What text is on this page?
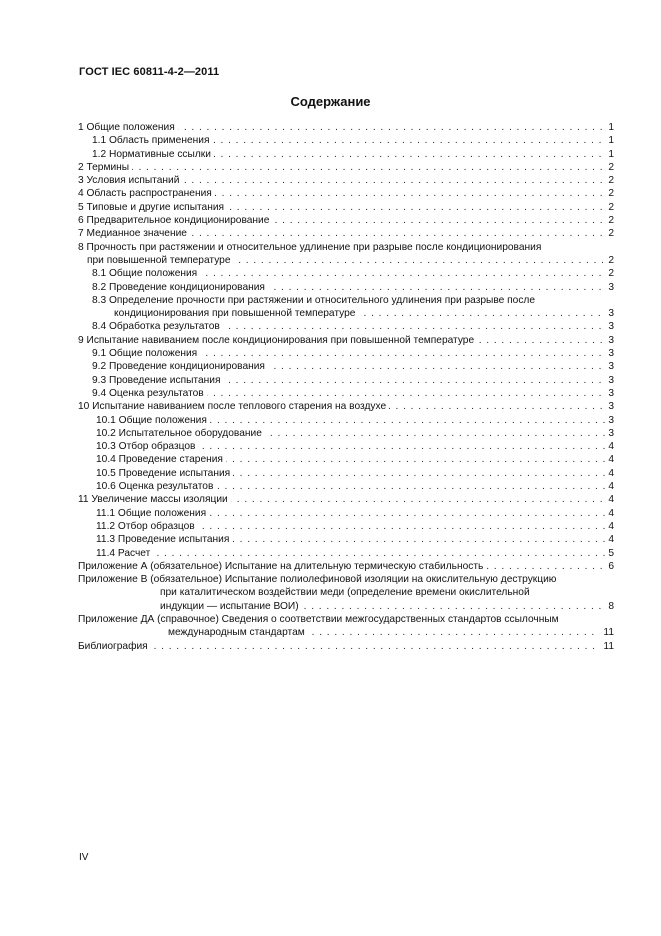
ГОСТ IEC 60811-4-2—2011
Содержание
1 Общие положения . . .	1
1.1 Область применения . . .	1
1.2 Нормативные ссылки . . .	1
2 Термины . . .	2
3 Условия испытаний . . .	2
4 Область распространения . . .	2
5 Типовые и другие испытания . . .	2
6 Предварительное кондиционирование . . .	2
7 Медианное значение . . .	2
8 Прочность при растяжении и относительное удлинение при разрыве после кондиционирования
при повышенной температуре . . .	2
8.1 Общие положения . . .	2
8.2 Проведение кондиционирования . . .	3
8.3 Определение прочности при растяжении и относительного удлинения при разрыве после
кондиционирования при повышенной температуре . . .	3
8.4 Обработка результатов . . .	3
9 Испытание навиванием после кондиционирования при повышенной температуре . . .	3
9.1 Общие положения . . .	3
9.2 Проведение кондиционирования . . .	3
9.3 Проведение испытания . . .	3
9.4 Оценка результатов . . .	3
10 Испытание навиванием после теплового старения на воздухе . . .	3
10.1 Общие положения . . .	3
10.2 Испытательное оборудование . . .	3
10.3 Отбор образцов . . .	4
10.4 Проведение старения . . .	4
10.5 Проведение испытания . . .	4
10.6 Оценка результатов . . .	4
11 Увеличение массы изоляции . . .	4
11.1 Общие положения . . .	4
11.2 Отбор образцов . . .	4
11.3 Проведение испытания . . .	4
11.4 Расчет . . .	5
Приложение А (обязательное) Испытание на длительную термическую стабильность . . .	6
Приложение В (обязательное) Испытание полиолефиновой изоляции на окислительную деструкцию
при каталитическом воздействии меди (определение времени окислительной
индукции — испытание ВОИ) . . .	8
Приложение ДА (справочное) Сведения о соответствии межгосударственных стандартов ссылочным
международным стандартам . . .	11
Библиография . . .	11
IV
